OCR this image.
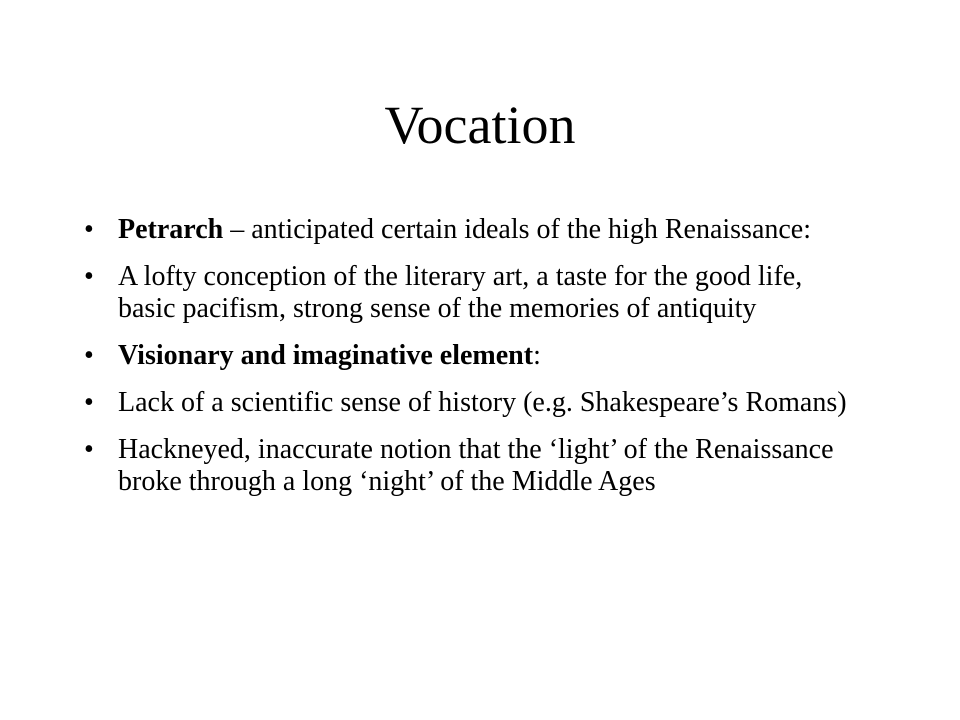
Vocation
• Petrarch – anticipated certain ideals of the high Renaissance:
• A lofty conception of the literary art, a taste for the good life, basic pacifism, strong sense of the memories of antiquity
• Visionary and imaginative element:
• Lack of a scientific sense of history (e.g. Shakespeare’s Romans)
• Hackneyed, inaccurate notion that the ‘light’ of the Renaissance broke through a long ‘night’ of the Middle Ages
